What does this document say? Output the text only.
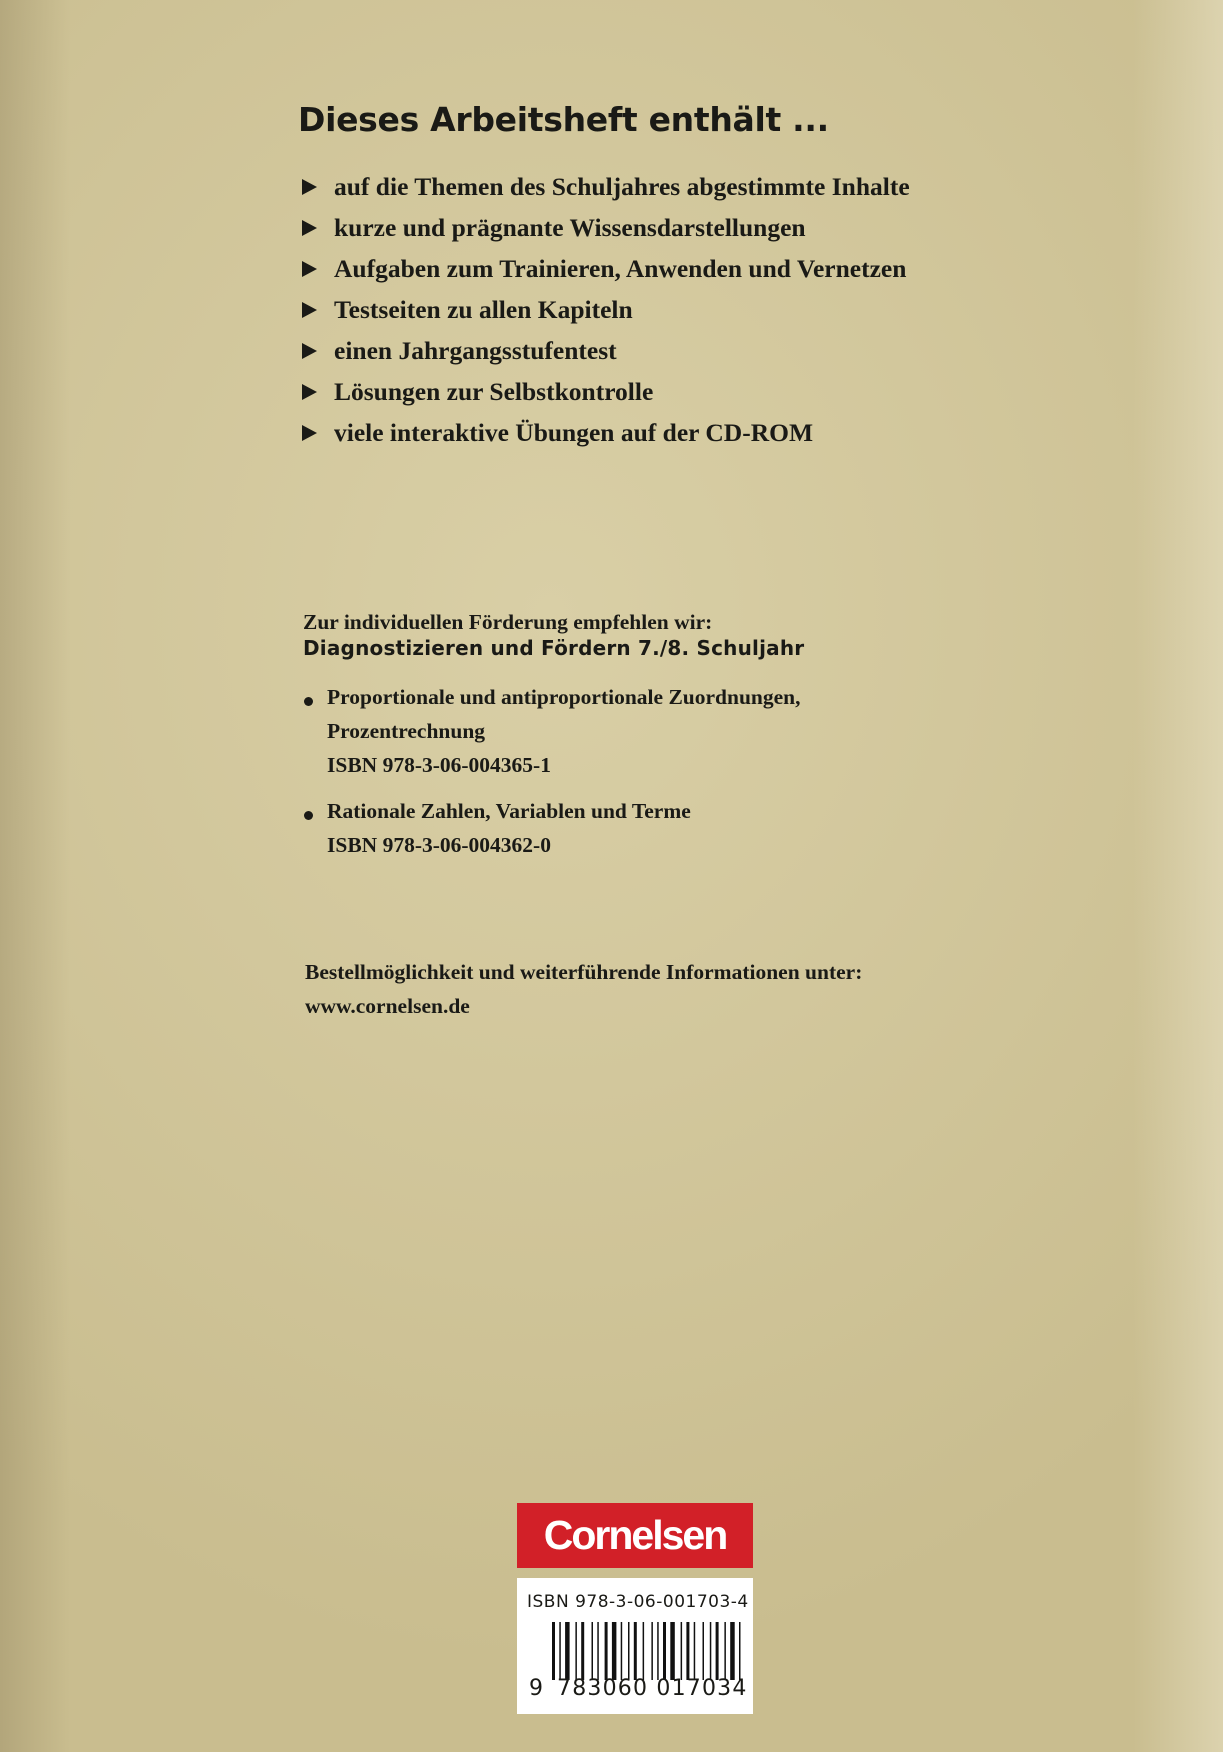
Dieses Arbeitsheft enthält ...
auf die Themen des Schuljahres abgestimmte Inhalte
kurze und prägnante Wissensdarstellungen
Aufgaben zum Trainieren, Anwenden und Vernetzen
Testseiten zu allen Kapiteln
einen Jahrgangsstufentest
Lösungen zur Selbstkontrolle
viele interaktive Übungen auf der CD-ROM
Zur individuellen Förderung empfehlen wir:
Diagnostizieren und Fördern 7./8. Schuljahr
Proportionale und antiproportionale Zuordnungen,
Prozentrechnung
ISBN 978-3-06-004365-1
Rationale Zahlen, Variablen und Terme
ISBN 978-3-06-004362-0
Bestellmöglichkeit und weiterführende Informationen unter:
www.cornelsen.de
Cornelsen
ISBN 978-3-06-001703-4
9 783060 017034
